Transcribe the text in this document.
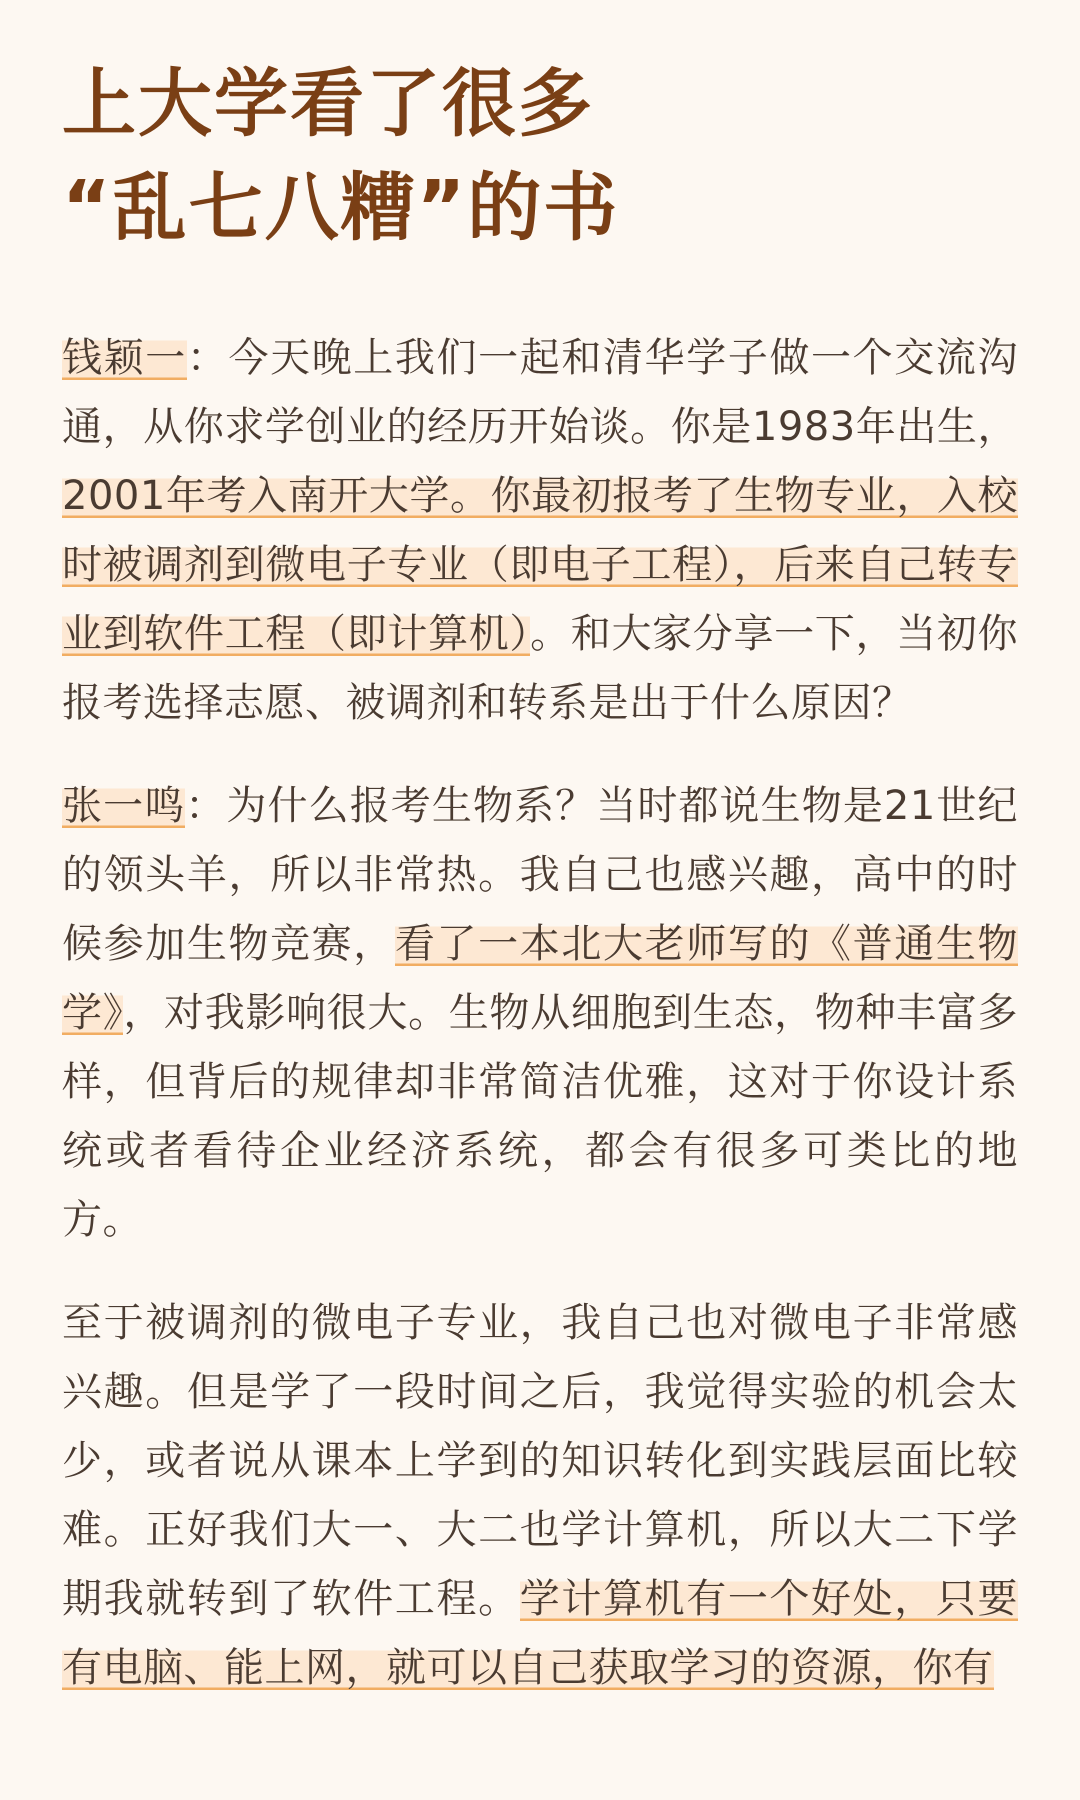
上大学看了很多
“乱七八糟”的书

钱颖一：今天晚上我们一起和清华学子做一个交流沟通，从你求学创业的经历开始谈。你是1983年出生，2001年考入南开大学。你最初报考了生物专业，入校时被调剂到微电子专业（即电子工程），后来自己转专业到软件工程（即计算机）。和大家分享一下，当初你报考选择志愿、被调剂和转系是出于什么原因？

张一鸣：为什么报考生物系？当时都说生物是21世纪的领头羊，所以非常热。我自己也感兴趣，高中的时候参加生物竞赛，看了一本北大老师写的《普通生物学》，对我影响很大。生物从细胞到生态，物种丰富多样，但背后的规律却非常简洁优雅，这对于你设计系统或者看待企业经济系统，都会有很多可类比的地方。

至于被调剂的微电子专业，我自己也对微电子非常感兴趣。但是学了一段时间之后，我觉得实验的机会太少，或者说从课本上学到的知识转化到实践层面比较难。正好我们大一、大二也学计算机，所以大二下学期我就转到了软件工程。学计算机有一个好处，只要有电脑、能上网，就可以自己获取学习的资源，你有
